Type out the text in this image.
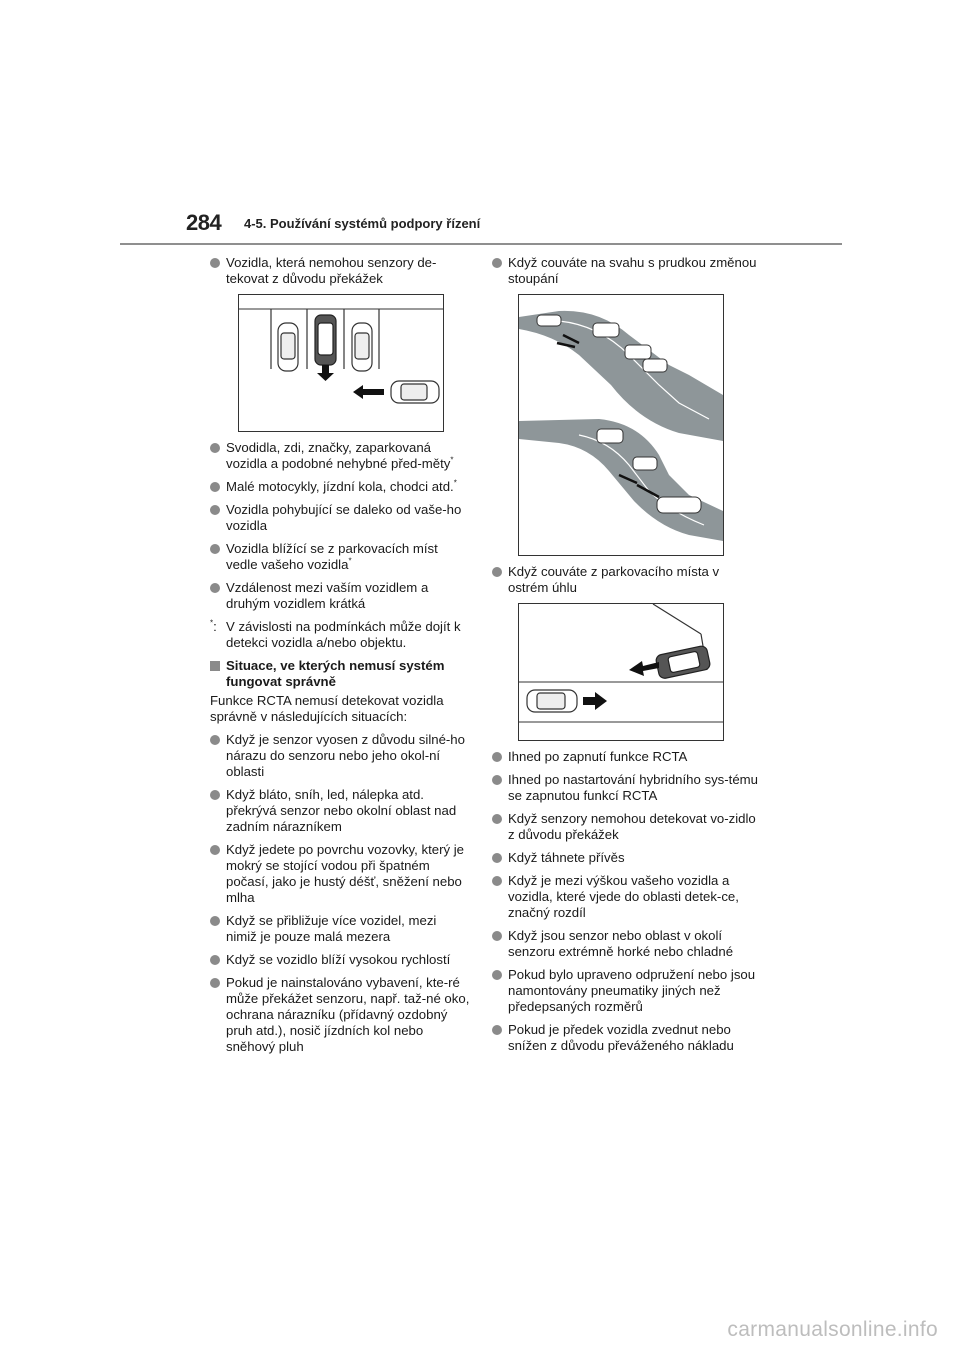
284 4-5. Používání systémů podpory řízení
Vozidla, která nemohou senzory de-tekovat z důvodu překážek
Svodidla, zdi, značky, zaparkovaná vozidla a podobné nehybné před-měty*
Malé motocykly, jízdní kola, chodci atd.*
Vozidla pohybující se daleko od vaše-ho vozidla
Vozidla blížící se z parkovacích míst vedle vašeho vozidla*
Vzdálenost mezi vaším vozidlem a druhým vozidlem krátká
*: V závislosti na podmínkách může dojít k detekci vozidla a/nebo objektu.
Situace, ve kterých nemusí systém fungovat správně
Funkce RCTA nemusí detekovat vozidla správně v následujících situacích:
Když je senzor vyosen z důvodu silné-ho nárazu do senzoru nebo jeho okol-ní oblasti
Když bláto, sníh, led, nálepka atd. překrývá senzor nebo okolní oblast nad zadním nárazníkem
Když jedete po povrchu vozovky, který je mokrý se stojící vodou při špatném počasí, jako je hustý déšť, sněžení nebo mlha
Když se přibližuje více vozidel, mezi nimiž je pouze malá mezera
Když se vozidlo blíží vysokou rychlostí
Pokud je nainstalováno vybavení, kte-ré může překážet senzoru, např. taž-né oko, ochrana nárazníku (přídavný ozdobný pruh atd.), nosič jízdních kol nebo sněhový pluh
Když couváte na svahu s prudkou změnou stoupání
Když couváte z parkovacího místa v ostrém úhlu
Ihned po zapnutí funkce RCTA
Ihned po nastartování hybridního sys-tému se zapnutou funkcí RCTA
Když senzory nemohou detekovat vo-zidlo z důvodu překážek
Když táhnete přívěs
Když je mezi výškou vašeho vozidla a vozidla, které vjede do oblasti detek-ce, značný rozdíl
Když jsou senzor nebo oblast v okolí senzoru extrémně horké nebo chladné
Pokud bylo upraveno odpružení nebo jsou namontovány pneumatiky jiných než předepsaných rozměrů
Pokud je předek vozidla zvednut nebo snížen z důvodu převáženého nákladu
carmanualsonline.info
